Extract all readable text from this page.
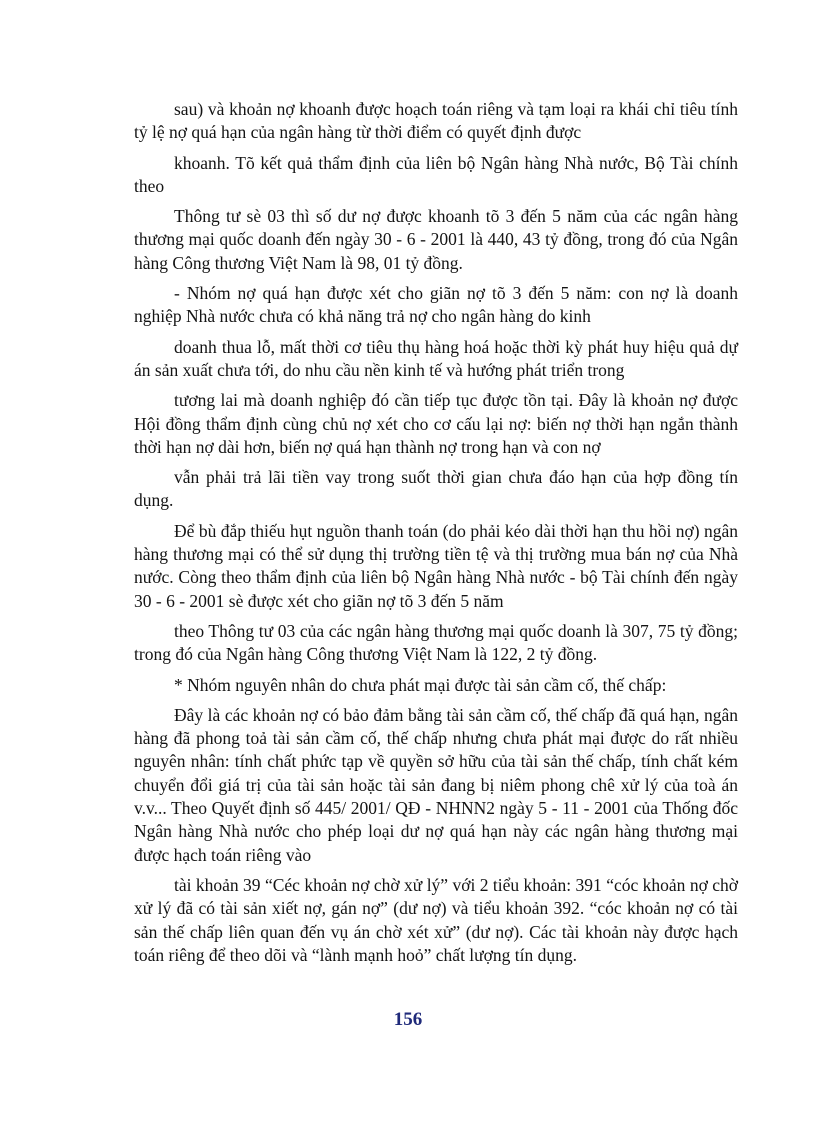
sau) và khoản nợ khoanh được hoạch toán riêng và tạm loại ra khái chỉ tiêu tính tỷ lệ nợ quá hạn của ngân hàng từ thời điểm có quyết định được

khoanh. Tõ kết quả thẩm định của liên bộ Ngân hàng Nhà nước, Bộ Tài chính theo

Thông tư sè 03 thì số dư nợ được khoanh tõ 3 đến 5 năm của các ngân hàng thương mại quốc doanh đến ngày 30 - 6 - 2001 là 440, 43 tỷ đồng, trong đó của Ngân hàng Công thương Việt Nam là 98, 01 tỷ đồng.

- Nhóm nợ quá hạn được xét cho giãn nợ tõ 3 đến 5 năm: con nợ là doanh nghiệp Nhà nước chưa có khả năng trả nợ cho ngân hàng do kinh

doanh thua lỗ, mất thời cơ tiêu thụ hàng hoá hoặc thời kỳ phát huy hiệu quả dự án sản xuất chưa tới, do nhu cầu nền kinh tế và hướng phát triển trong

tương lai mà doanh nghiệp đó cần tiếp tục được tồn tại. Đây là khoản nợ được Hội đồng thẩm định cùng chủ nợ xét cho cơ cấu lại nợ: biến nợ thời hạn ngắn thành thời hạn nợ dài hơn, biến nợ quá hạn thành nợ trong hạn và con nợ

vẫn phải trả lãi tiền vay trong suốt thời gian chưa đáo hạn của hợp đồng tín dụng.

Để bù đắp thiếu hụt nguồn thanh toán (do phải kéo dài thời hạn thu hồi nợ) ngân hàng thương mại có thể sử dụng thị trường tiền tệ và thị trường mua bán nợ của Nhà nước. Còng theo thẩm định của liên bộ Ngân hàng Nhà nước - bộ Tài chính đến ngày 30 - 6 - 2001 sè được xét cho giãn nợ tõ 3 đến 5 năm

theo Thông tư 03 của các ngân hàng thương mại quốc doanh là 307, 75 tỷ đồng; trong đó của Ngân hàng Công thương Việt Nam là 122, 2 tỷ đồng.

* Nhóm nguyên nhân do chưa phát mại được tài sản cầm cố, thế chấp:

Đây là các khoản nợ có bảo đảm bằng tài sản cầm cố, thế chấp đã quá hạn, ngân hàng đã phong toả tài sản cầm cố, thế chấp nhưng chưa phát mại được do rất nhiều nguyên nhân: tính chất phức tạp về quyền sở hữu của tài sản thế chấp, tính chất kém chuyển đổi giá trị của tài sản hoặc tài sản đang bị niêm phong chê xử lý của toà án v.v... Theo Quyết định số 445/ 2001/ QĐ - NHNN2 ngày 5 - 11 - 2001 của Thống đốc Ngân hàng Nhà nước cho phép loại dư nợ quá hạn này các ngân hàng thương mại được hạch toán riêng vào

tài khoản 39 “Céc khoản nợ chờ xử lý” với 2 tiểu khoản: 391 “cóc khoản nợ chờ xử lý đã có tài sản xiết nợ, gán nợ” (dư nợ) và tiểu khoản 392. “cóc khoản nợ có tài sản thế chấp liên quan đến vụ án chờ xét xử” (dư nợ). Các tài khoản này được hạch toán riêng để theo dõi và “lành mạnh hoỏ” chất lượng tín dụng.

156
